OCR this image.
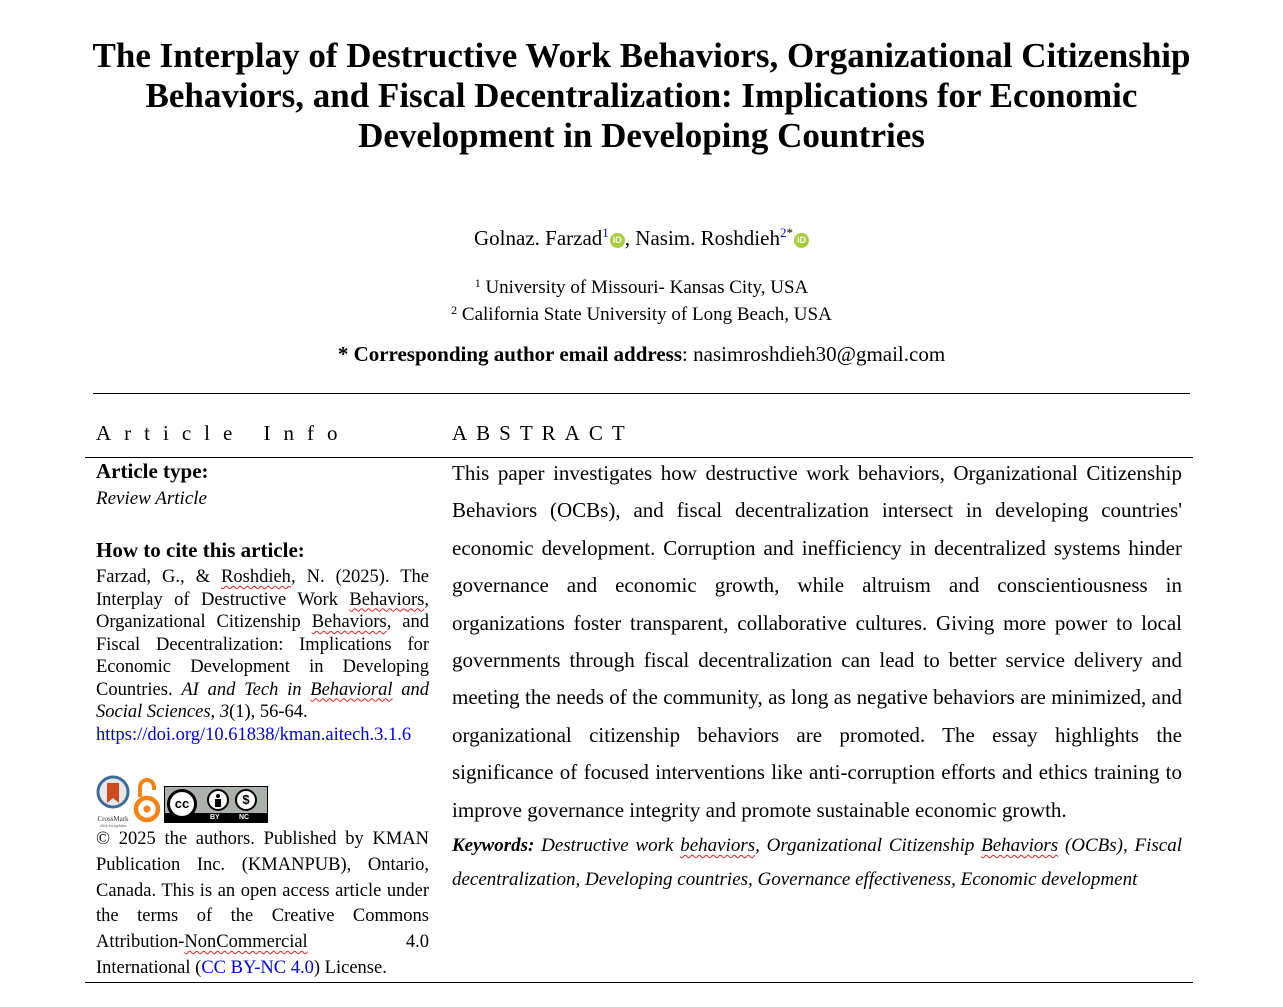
The Interplay of Destructive Work Behaviors, Organizational Citizenship
Behaviors, and Fiscal Decentralization: Implications for Economic
Development in Developing Countries
Golnaz. Farzad$^1$ iD , Nasim. Roshdieh$^{2*}$ iD
$^1$ University of Missouri- Kansas City, USA
$^2$ California State University of Long Beach, USA
* Corresponding author email address: nasimroshdieh30@gmail.com
Article Info	ABSTRACT
Article type:
Review Article
How to cite this article:
Farzad, G., & Roshdieh, N. (2025). The Interplay of Destructive Work Behaviors, Organizational Citizenship Behaviors, and Fiscal Decentralization: Implications for Economic Development in Developing Countries. AI and Tech in Behavioral and Social Sciences, 3(1), 56-64.
https://doi.org/10.61838/kman.aitech.3.1.6
CrossMark
click for updates
cc	$
BY	NC
© 2025 the authors. Published by KMAN Publication Inc. (KMANPUB), Ontario, Canada. This is an open access article under the terms of the Creative Commons Attribution-NonCommercial 4.0 International (CC BY-NC 4.0) License.
This paper investigates how destructive work behaviors, Organizational Citizenship Behaviors (OCBs), and fiscal decentralization intersect in developing countries' economic development. Corruption and inefficiency in decentralized systems hinder governance and economic growth, while altruism and conscientiousness in organizations foster transparent, collaborative cultures. Giving more power to local governments through fiscal decentralization can lead to better service delivery and meeting the needs of the community, as long as negative behaviors are minimized, and organizational citizenship behaviors are promoted. The essay highlights the significance of focused interventions like anti-corruption efforts and ethics training to improve governance integrity and promote sustainable economic growth.
Keywords: Destructive work behaviors, Organizational Citizenship Behaviors (OCBs), Fiscal decentralization, Developing countries, Governance effectiveness, Economic development
